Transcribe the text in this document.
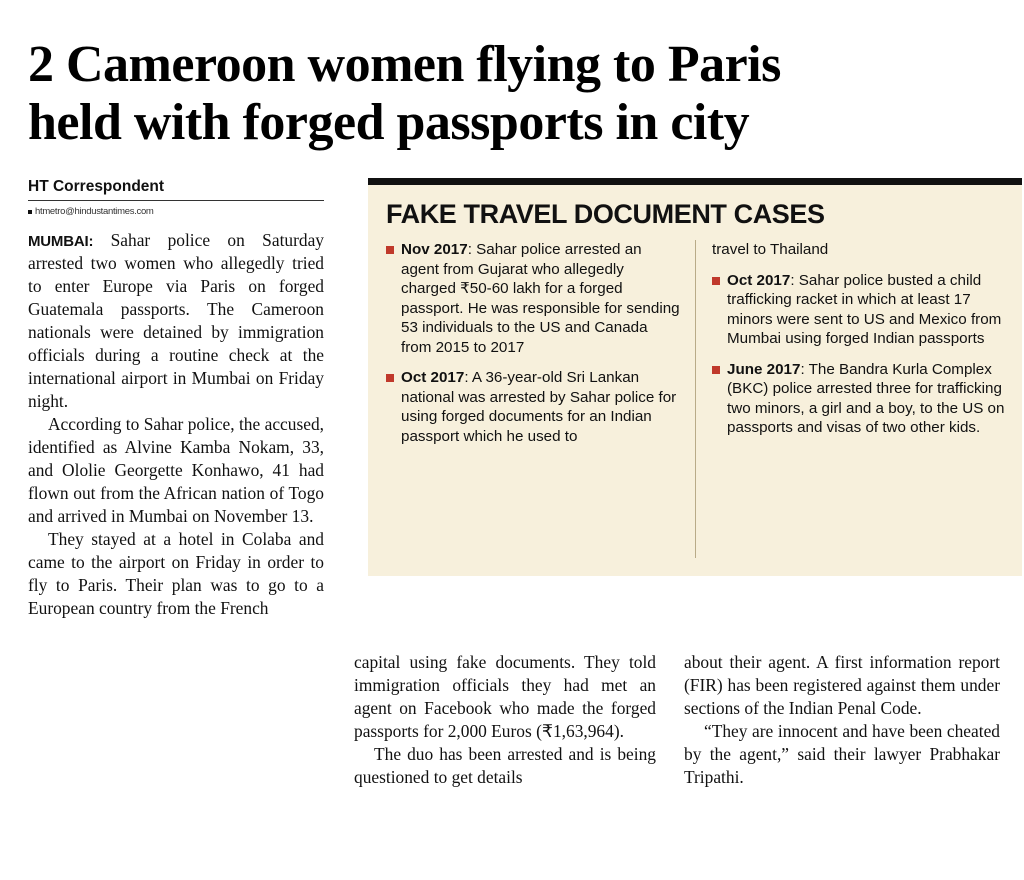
2 Cameroon women flying to Paris
held with forged passports in city
HT Correspondent
htmetro@hindustantimes.com

MUMBAI: Sahar police on Saturday arrested two women who allegedly tried to enter Europe via Paris on forged Guatemala passports. The Cameroon nationals were detained by immigration officials during a routine check at the international airport in Mumbai on Friday night.

According to Sahar police, the accused, identified as Alvine Kamba Nokam, 33, and Ololie Georgette Konhawo, 41 had flown out from the African nation of Togo and arrived in Mumbai on November 13.

They stayed at a hotel in Colaba and came to the airport on Friday in order to fly to Paris. Their plan was to go to a European country from the French

capital using fake documents. They told immigration officials they had met an agent on Facebook who made the forged passports for 2,000 Euros (₹1,63,964).

The duo has been arrested and is being questioned to get details

about their agent. A first information report (FIR) has been registered against them under sections of the Indian Penal Code.

“They are innocent and have been cheated by the agent,” said their lawyer Prabhakar Tripathi.

FAKE TRAVEL DOCUMENT CASES
Nov 2017: Sahar police arrested an agent from Gujarat who allegedly charged ₹50-60 lakh for a forged passport. He was responsible for sending 53 individuals to the US and Canada from 2015 to 2017
Oct 2017: A 36-year-old Sri Lankan national was arrested by Sahar police for using forged documents for an Indian passport which he used to

travel to Thailand

Oct 2017: Sahar police busted a child trafficking racket in which at least 17 minors were sent to US and Mexico from Mumbai using forged Indian passports
June 2017: The Bandra Kurla Complex (BKC) police arrested three for trafficking two minors, a girl and a boy, to the US on passports and visas of two other kids.
